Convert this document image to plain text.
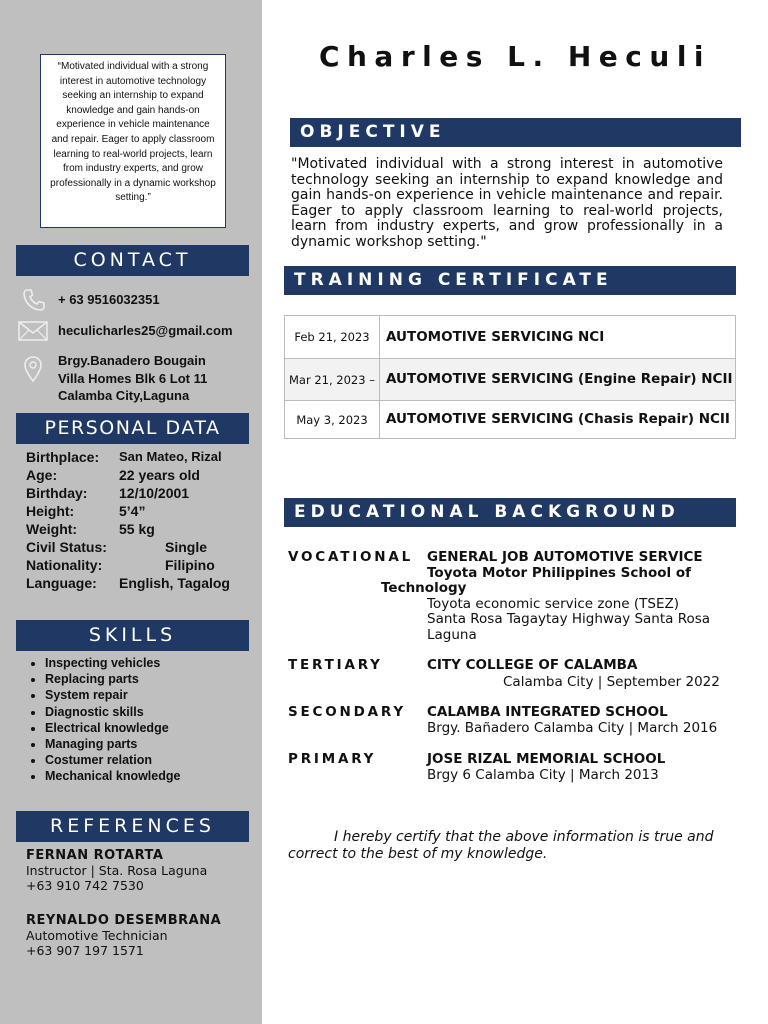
“Motivated individual with a strong interest in automotive technology seeking an internship to expand knowledge and gain hands-on experience in vehicle maintenance and repair. Eager to apply classroom learning to real-world projects, learn from industry experts, and grow professionally in a dynamic workshop setting.”
CONTACT
+ 63 9516032351
heculicharles25@gmail.com
Brgy.Banadero Bougain
Villa Homes Blk 6 Lot 11
Calamba City,Laguna
PERSONAL DATA
Birthplace: San Mateo, Rizal
Age:	22 years old
Birthday: 12/10/2001
Height:	5’4”
Weight:	55 kg
Civil Status:	Single
Nationality:	Filipino
Language: English, Tagalog
SKILLS
• Inspecting vehicles
• Replacing parts
• System repair
• Diagnostic skills
• Electrical knowledge
• Managing parts
• Costumer relation
• Mechanical knowledge
REFERENCES
FERNAN ROTARTA
Instructor | Sta. Rosa Laguna
+63 910 742 7530
REYNALDO DESEMBRANA
Automotive Technician
+63 907 197 1571
Charles L. Heculi
OBJECTIVE
"Motivated individual with a strong interest in automotive technology seeking an internship to expand knowledge and gain hands-on experience in vehicle maintenance and repair. Eager to apply classroom learning to real-world projects, learn from industry experts, and grow professionally in a dynamic workshop setting."
TRAINING CERTIFICATE
Feb 21, 2023	AUTOMOTIVE SERVICING NCI
Mar 21, 2023 –	AUTOMOTIVE SERVICING (Engine Repair) NCII
May 3, 2023	AUTOMOTIVE SERVICING (Chasis Repair) NCII
EDUCATIONAL BACKGROUND
VOCATIONAL GENERAL JOB AUTOMOTIVE SERVICE
Toyota Motor Philippines School of
Technology
Toyota economic service zone (TSEZ)
Santa Rosa Tagaytay Highway Santa Rosa
Laguna
TERTIARY	CITY COLLEGE OF CALAMBA
Calamba City | September 2022
SECONDARY CALAMBA INTEGRATED SCHOOL
Brgy. Bañadero Calamba City | March 2016
PRIMARY	JOSE RIZAL MEMORIAL SCHOOL
Brgy 6 Calamba City | March 2013
I hereby certify that the above information is true and correct to the best of my knowledge.
